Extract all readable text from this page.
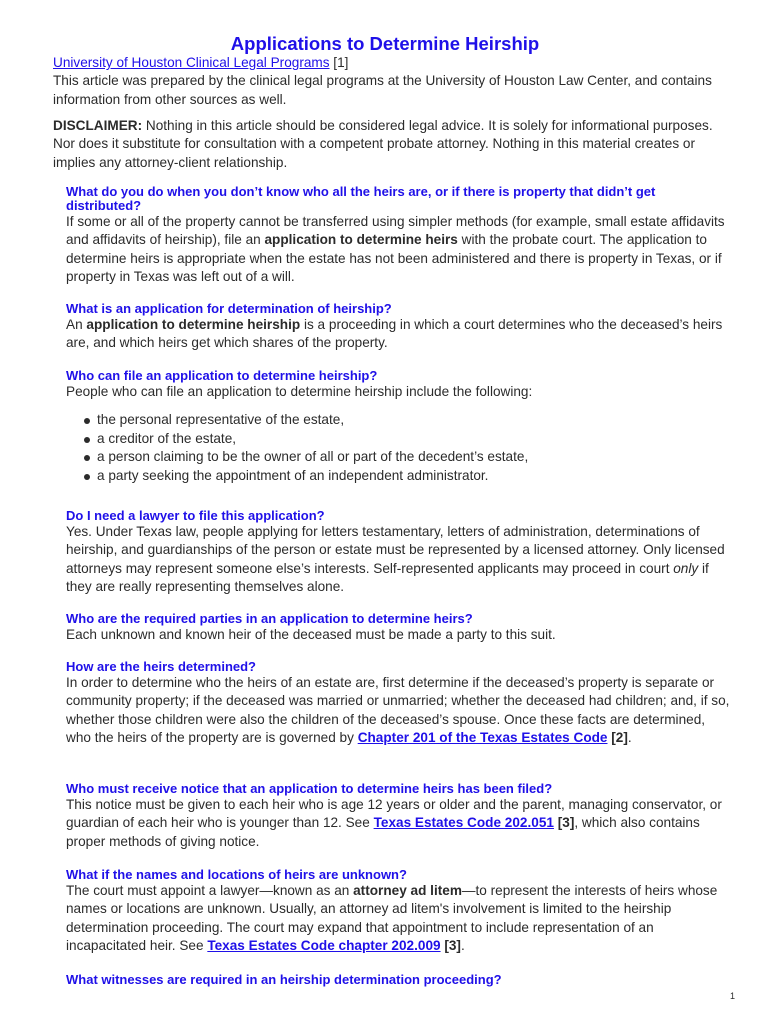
Applications to Determine Heirship

University of Houston Clinical Legal Programs [1]
This article was prepared by the clinical legal programs at the University of Houston Law Center, and contains information from other sources as well.

DISCLAIMER: Nothing in this article should be considered legal advice. It is solely for informational purposes. Nor does it substitute for consultation with a competent probate attorney. Nothing in this material creates or implies any attorney-client relationship.

What do you do when you don’t know who all the heirs are, or if there is property that didn’t get distributed?

If some or all of the property cannot be transferred using simpler methods (for example, small estate affidavits and affidavits of heirship), file an application to determine heirs with the probate court. The application to determine heirs is appropriate when the estate has not been administered and there is property in Texas, or if property in Texas was left out of a will.

What is an application for determination of heirship?

An application to determine heirship is a proceeding in which a court determines who the deceased’s heirs are, and which heirs get which shares of the property.

Who can file an application to determine heirship?

People who can file an application to determine heirship include the following:

the personal representative of the estate,
a creditor of the estate,
a person claiming to be the owner of all or part of the decedent’s estate,
a party seeking the appointment of an independent administrator.

Do I need a lawyer to file this application?

Yes. Under Texas law, people applying for letters testamentary, letters of administration, determinations of heirship, and guardianships of the person or estate must be represented by a licensed attorney. Only licensed attorneys may represent someone else’s interests. Self-represented applicants may proceed in court only if they are really representing themselves alone.

Who are the required parties in an application to determine heirs?

Each unknown and known heir of the deceased must be made a party to this suit.

How are the heirs determined?

In order to determine who the heirs of an estate are, first determine if the deceased’s property is separate or community property; if the deceased was married or unmarried; whether the deceased had children; and, if so, whether those children were also the children of the deceased’s spouse. Once these facts are determined, who the heirs of the property are is governed by Chapter 201 of the Texas Estates Code [2].

Who must receive notice that an application to determine heirs has been filed?

This notice must be given to each heir who is age 12 years or older and the parent, managing conservator, or guardian of each heir who is younger than 12. See Texas Estates Code 202.051 [3], which also contains proper methods of giving notice.

What if the names and locations of heirs are unknown?

The court must appoint a lawyer—known as an attorney ad litem—to represent the interests of heirs whose names or locations are unknown. Usually, an attorney ad litem's involvement is limited to the heirship determination proceeding. The court may expand that appointment to include representation of an incapacitated heir. See Texas Estates Code chapter 202.009 [3].

What witnesses are required in an heirship determination proceeding?

1
